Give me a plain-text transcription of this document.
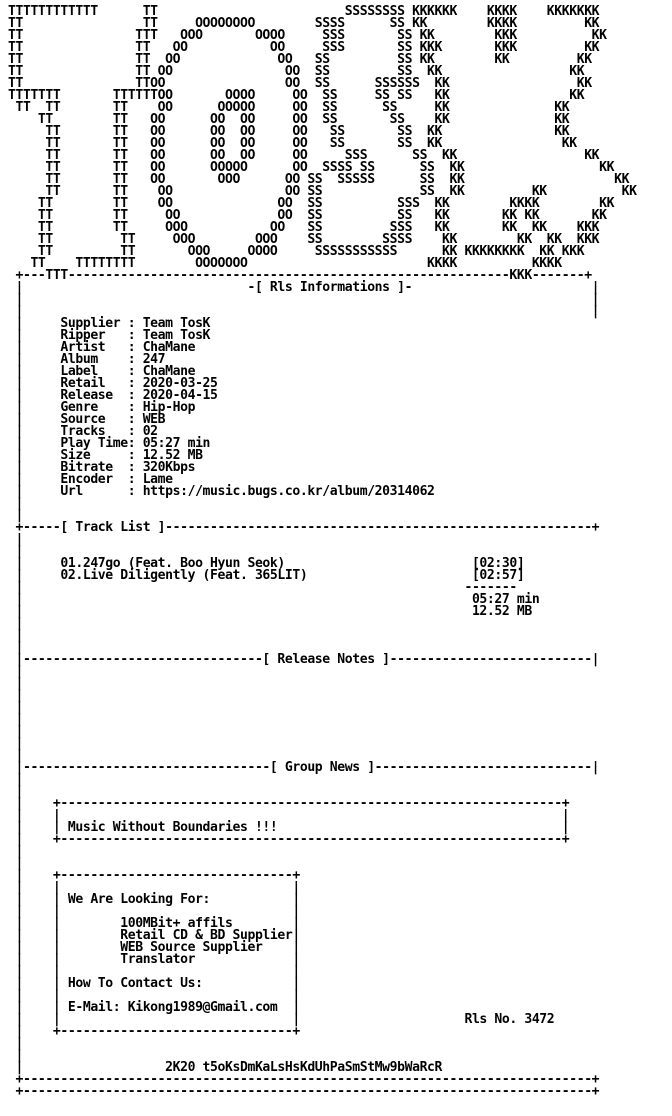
TTTTTTTTTTTT      TT                         SSSSSSSS KKKKKK    KKKK    KKKKKKK
TT                TT     OOOOOOOO        SSSS      SS KK        KKKK         KK
TT               TTT   OOO       OOOO     SSS       SS KK        KKK          KK
TT               TT   OO           OO     SSS       SS KKK       KKK         KK
TT               TT  OO             OO   SS         SS KK        KK         KK
TT               TT OO               OO  SS         SS  KK                 KK
TT               TTOO                OO  SS      SSSSSS  KK                 KK
TTTTTTT       TTTTTTOO       OOOO     OO  SS     SS SS   KK                KK
TT  TT       TT    OO      OOOOO     OO  SS      SS     KK              KK
TT        TT   OO      OO  OO     OO  SS       SS    KK              KK
TT       TT   OO      OO  OO     OO   SS       SS  KK               KK
TT       TT   OO      OO  OO     OO   SS       SS  KK                KK
TT       TT   OO      OO  OO     OO     SSS      SS  KK                 KK
TT       TT   OO      OOOOO      OO  SSSS SS      SS  KK                  KK
TT       TT   OO       OOO      OO SS  SSSSS      SS  KK                    KK
TT       TT    OO               OO SS             SS  KK         KK          KK
TT        TT    OO              OO  SS          SSS  KK        KKKK        KK
TT        TT     OO             OO  SS          SS   KK       KK KK       KK
TT        TT     OOO           OO   SS         SSS   KK       KK  KK    KKK
TT         TT     OOO        OOO    SS        SSSS    KK        KK  KK  KKK
TT         TT       OOO     OOOO     SSSSSSSSSSS      KK KKKKKKKK  KK KKK
TT    TTTTTTTT        OOOOOOO                        KKKK          KKKK
+---TTT-----------------------------------------------------------KKK-------+
|                              -[ Rls Informations ]-                        |
|                                                                            |
|                                                                            |
|     Supplier : Team TosK
|     Ripper   : Team TosK
|     Artist   : ChaMane
|     Album    : 247
|     Label    : ChaMane
|     Retail   : 2020-03-25
|     Release  : 2020-04-15
|     Genre    : Hip-Hop
|     Source   : WEB
|     Tracks   : 02
|     Play Time: 05:27 min
|     Size     : 12.52 MB
|     Bitrate  : 320Kbps
|     Encoder  : Lame
|     Url      : https://music.bugs.co.kr/album/20314062
|
|
+-----[ Track List ]---------------------------------------------------------+
|
|
|     01.247go (Feat. Boo Hyun Seok)                         [02:30]
|     02.Live Diligently (Feat. 365LIT)                      [02:57]
|                                                           -------
|                                                            05:27 min
|                                                            12.52 MB
|
|
|
|--------------------------------[ Release Notes ]---------------------------|
|
|
|
|
|
|
|
|
|---------------------------------[ Group News ]-----------------------------|
|
|
|    +-------------------------------------------------------------------+
|    |                                                                   |
|    | Music Without Boundaries !!!                                      |
|    +-------------------------------------------------------------------+
|
|
|    +-------------------------------+
|    |                               |
|    | We Are Looking For:           |
|    |                               |
|    |        100MBit+ affils        |
|    |        Retail CD & BD Supplier|
|    |        WEB Source Supplier    |
|    |        Translator             |
|    |                               |
|    | How To Contact Us:            |
|    |                               |
|    | E-Mail: Kikong1989@Gmail.com  |
|    |                               |                      Rls No. 3472
|    +-------------------------------+
|
|
|                   2K20 t5oKsDmKaLsHsKdUhPaSmStMw9bWaRcR
+----------------------------------------------------------------------------+
+----------------------------------------------------------------------------+
